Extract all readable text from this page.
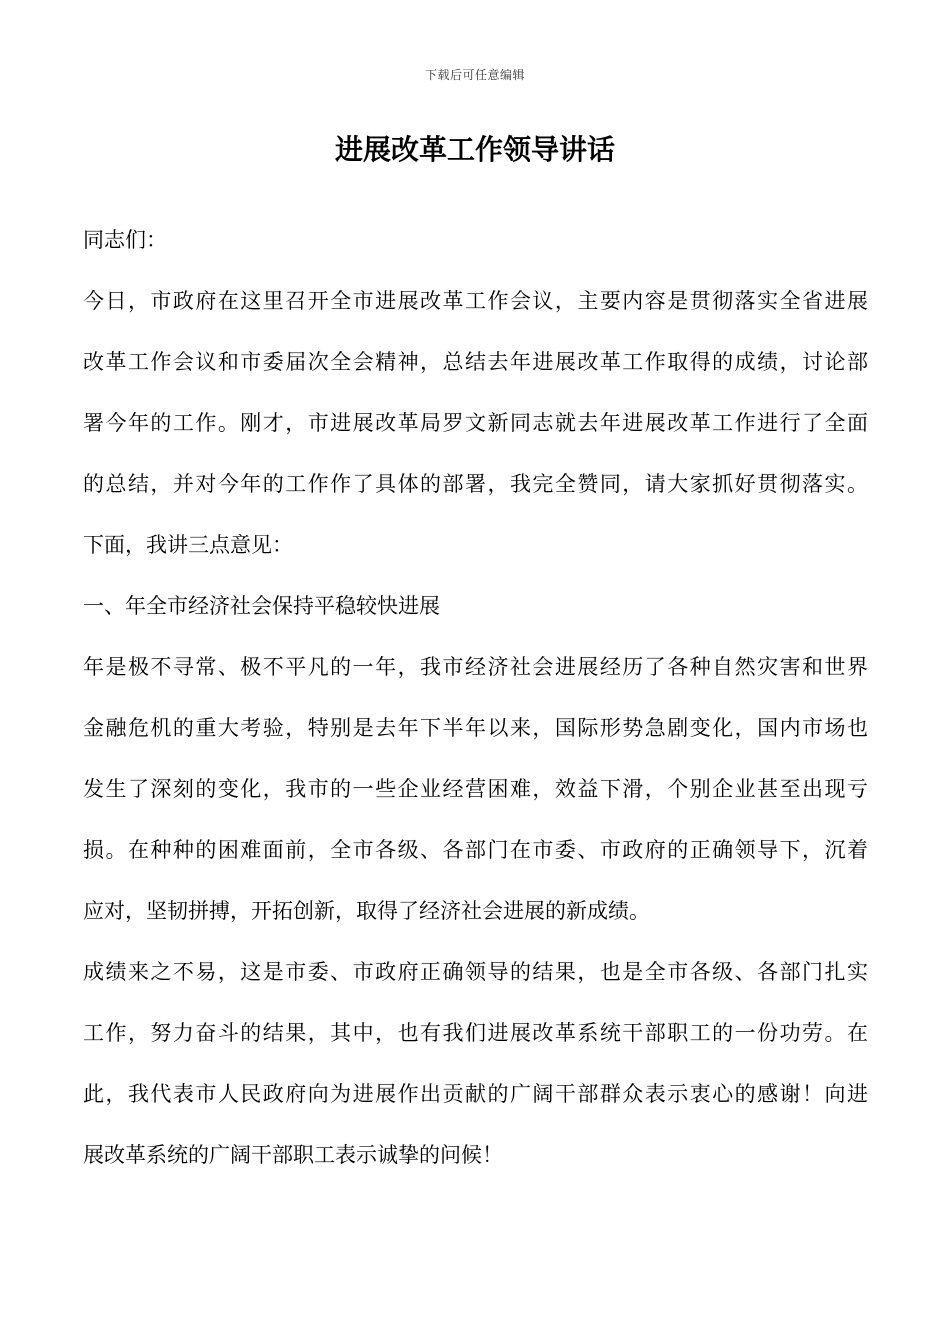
下载后可任意编辑
进展改革工作领导讲话
同志们：
今日，市政府在这里召开全市进展改革工作会议，主要内容是贯彻落实全省进展
改革工作会议和市委届次全会精神，总结去年进展改革工作取得的成绩，讨论部
署今年的工作。刚才，市进展改革局罗文新同志就去年进展改革工作进行了全面
的总结，并对今年的工作作了具体的部署，我完全赞同，请大家抓好贯彻落实。
下面，我讲三点意见：
一、年全市经济社会保持平稳较快进展
年是极不寻常、极不平凡的一年，我市经济社会进展经历了各种自然灾害和世界
金融危机的重大考验，特别是去年下半年以来，国际形势急剧变化，国内市场也
发生了深刻的变化，我市的一些企业经营困难，效益下滑，个别企业甚至出现亏
损。在种种的困难面前，全市各级、各部门在市委、市政府的正确领导下，沉着
应对，坚韧拼搏，开拓创新，取得了经济社会进展的新成绩。
成绩来之不易，这是市委、市政府正确领导的结果，也是全市各级、各部门扎实
工作，努力奋斗的结果，其中，也有我们进展改革系统干部职工的一份功劳。在
此，我代表市人民政府向为进展作出贡献的广阔干部群众表示衷心的感谢！向进
展改革系统的广阔干部职工表示诚挚的问候！
